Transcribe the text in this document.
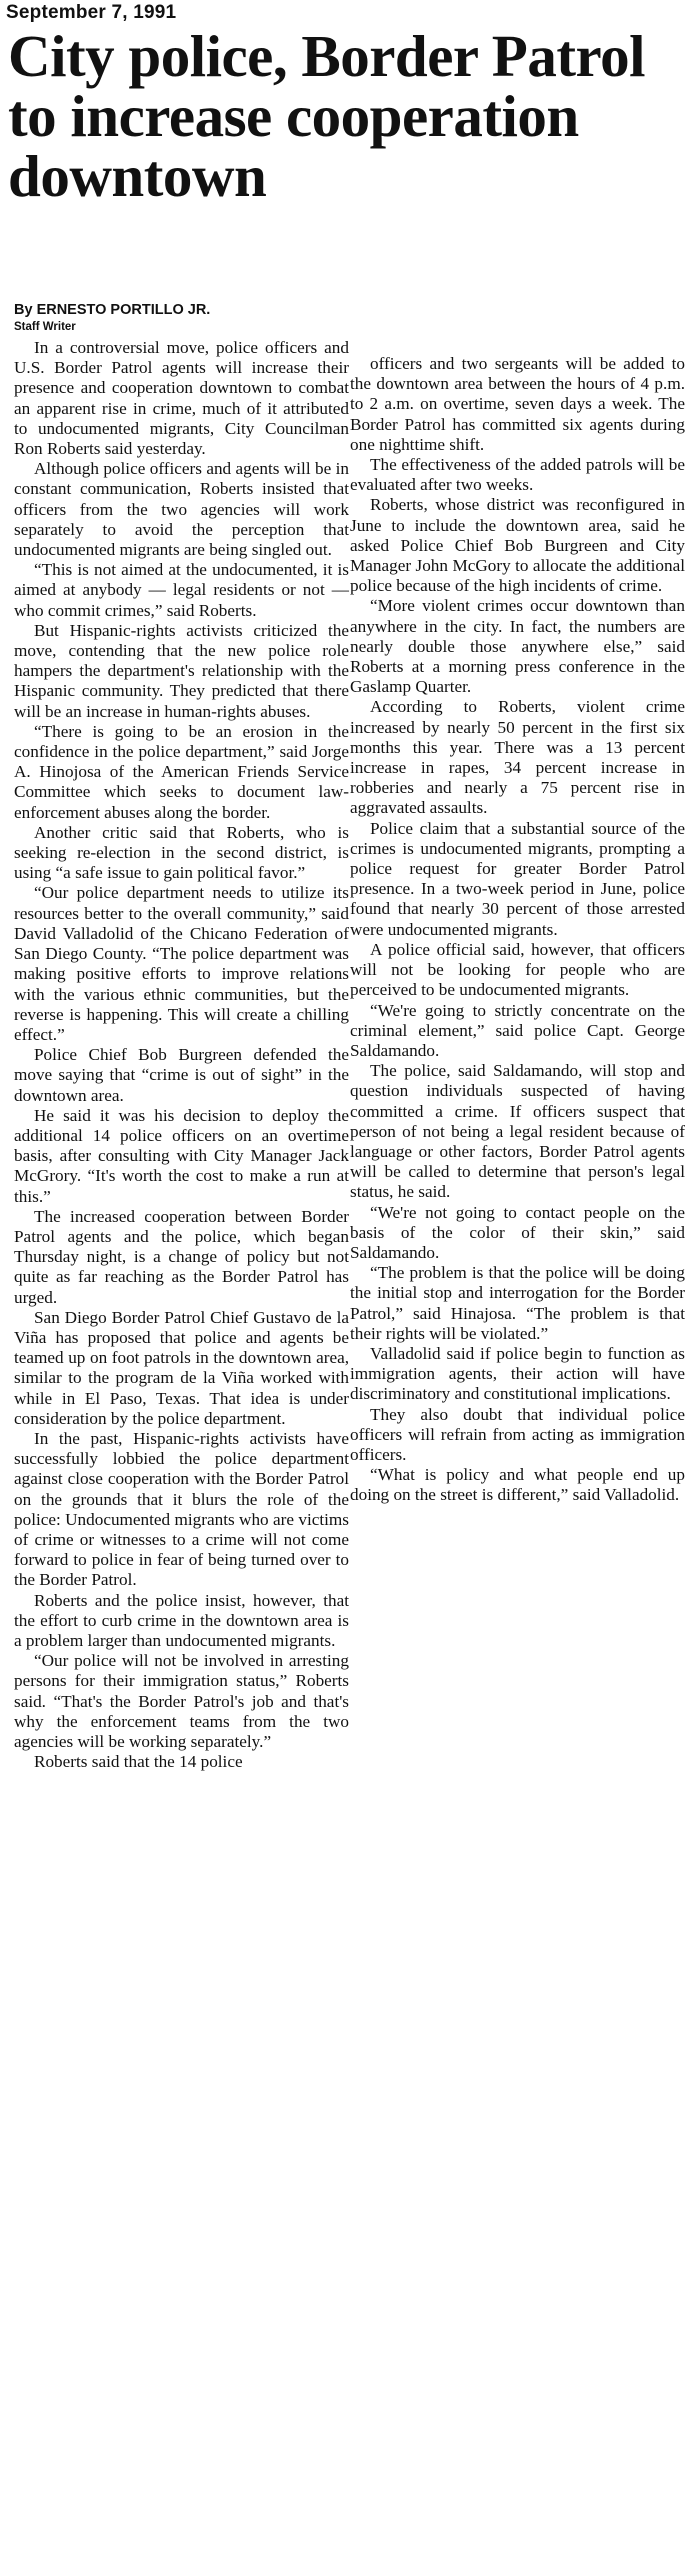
September 7, 1991
City police, Border Patrol to increase cooperation downtown
By ERNESTO PORTILLO JR.
Staff Writer

In a controversial move, police officers and U.S. Border Patrol agents will increase their presence and cooperation downtown to combat an apparent rise in crime, much of it attributed to undocumented migrants, City Councilman Ron Roberts said yesterday.

Although police officers and agents will be in constant communication, Roberts insisted that officers from the two agencies will work separately to avoid the perception that undocumented migrants are being singled out.

“This is not aimed at the undocumented, it is aimed at anybody — legal residents or not — who commit crimes,” said Roberts.

But Hispanic-rights activists criticized the move, contending that the new police role hampers the department's relationship with the Hispanic community. They predicted that there will be an increase in human-rights abuses.

“There is going to be an erosion in the confidence in the police department,” said Jorge A. Hinojosa of the American Friends Service Committee which seeks to document law-enforcement abuses along the border.

Another critic said that Roberts, who is seeking re-election in the second district, is using “a safe issue to gain political favor.”

“Our police department needs to utilize its resources better to the overall community,” said David Valladolid of the Chicano Federation of San Diego County. “The police department was making positive efforts to improve relations with the various ethnic communities, but the reverse is happening. This will create a chilling effect.”

Police Chief Bob Burgreen defended the move saying that “crime is out of sight” in the downtown area.

He said it was his decision to deploy the additional 14 police officers on an overtime basis, after consulting with City Manager Jack McGrory. “It's worth the cost to make a run at this.”

The increased cooperation between Border Patrol agents and the police, which began Thursday night, is a change of policy but not quite as far reaching as the Border Patrol has urged.

San Diego Border Patrol Chief Gustavo de la Viña has proposed that police and agents be teamed up on foot patrols in the downtown area, similar to the program de la Viña worked with while in El Paso, Texas. That idea is under consideration by the police department.

In the past, Hispanic-rights activists have successfully lobbied the police department against close cooperation with the Border Patrol on the grounds that it blurs the role of the police: Undocumented migrants who are victims of crime or witnesses to a crime will not come forward to police in fear of being turned over to the Border Patrol.

Roberts and the police insist, however, that the effort to curb crime in the downtown area is a problem larger than undocumented migrants.

“Our police will not be involved in arresting persons for their immigration status,” Roberts said. “That's the Border Patrol's job and that's why the enforcement teams from the two agencies will be working separately.”

Roberts said that the 14 police

officers and two sergeants will be added to the downtown area between the hours of 4 p.m. to 2 a.m. on overtime, seven days a week. The Border Patrol has committed six agents during one nighttime shift.

The effectiveness of the added patrols will be evaluated after two weeks.

Roberts, whose district was reconfigured in June to include the downtown area, said he asked Police Chief Bob Burgreen and City Manager John McGory to allocate the additional police because of the high incidents of crime.

“More violent crimes occur downtown than anywhere in the city. In fact, the numbers are nearly double those anywhere else,” said Roberts at a morning press conference in the Gaslamp Quarter.

According to Roberts, violent crime increased by nearly 50 percent in the first six months this year. There was a 13 percent increase in rapes, 34 percent increase in robberies and nearly a 75 percent rise in aggravated assaults.

Police claim that a substantial source of the crimes is undocumented migrants, prompting a police request for greater Border Patrol presence. In a two-week period in June, police found that nearly 30 percent of those arrested were undocumented migrants.

A police official said, however, that officers will not be looking for people who are perceived to be undocumented migrants.

“We're going to strictly concentrate on the criminal element,” said police Capt. George Saldamando.

The police, said Saldamando, will stop and question individuals suspected of having committed a crime. If officers suspect that person of not being a legal resident because of language or other factors, Border Patrol agents will be called to determine that person's legal status, he said.

“We're not going to contact people on the basis of the color of their skin,” said Saldamando.

“The problem is that the police will be doing the initial stop and interrogation for the Border Patrol,” said Hinajosa. “The problem is that their rights will be violated.”

Valladolid said if police begin to function as immigration agents, their action will have discriminatory and constitutional implications.

They also doubt that individual police officers will refrain from acting as immigration officers.

“What is policy and what people end up doing on the street is different,” said Valladolid.
